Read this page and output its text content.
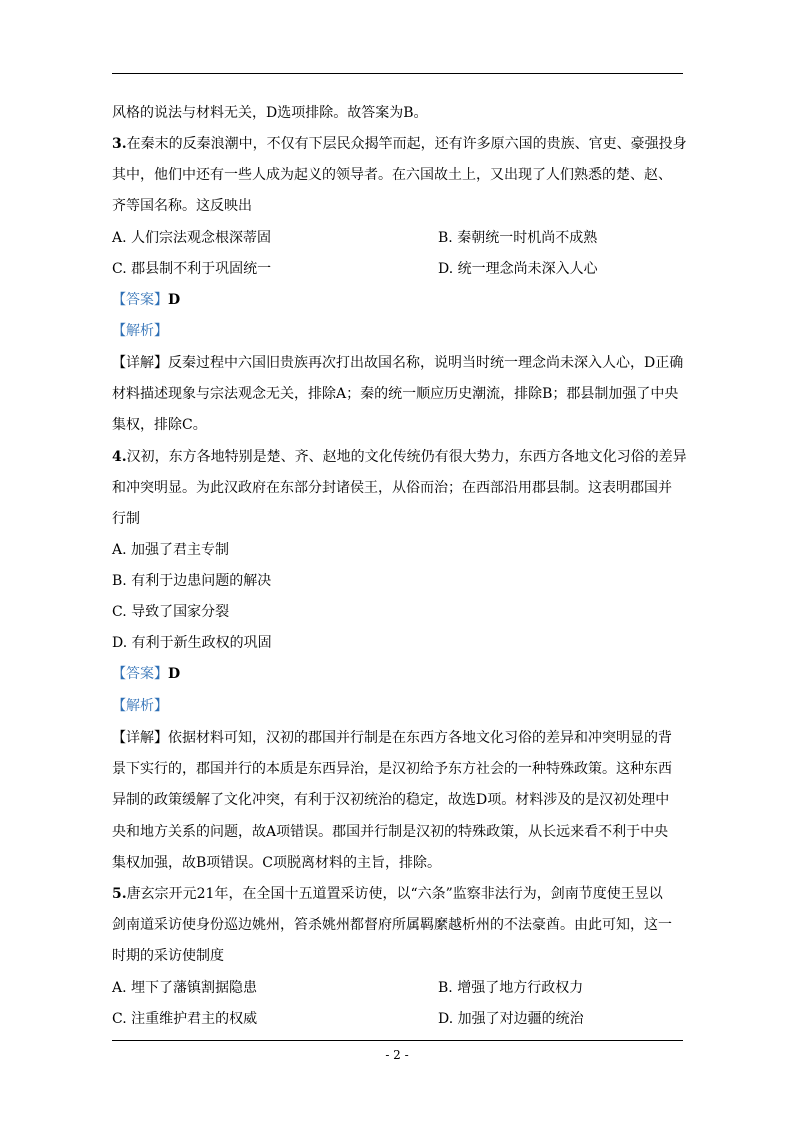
风格的说法与材料无关，D选项排除。故答案为B。
3.在秦末的反秦浪潮中，不仅有下层民众揭竿而起，还有许多原六国的贵族、官吏、豪强投身
其中，他们中还有一些人成为起义的领导者。在六国故土上，又出现了人们熟悉的楚、赵、
齐等国名称。这反映出
A. 人们宗法观念根深蒂固	B. 秦朝统一时机尚不成熟
C. 郡县制不利于巩固统一	D. 统一理念尚未深入人心
【答案】D
【解析】
【详解】反秦过程中六国旧贵族再次打出故国名称，说明当时统一理念尚未深入人心，D正确
材料描述现象与宗法观念无关，排除A；秦的统一顺应历史潮流，排除B；郡县制加强了中央
集权，排除C。
4.汉初，东方各地特别是楚、齐、赵地的文化传统仍有很大势力，东西方各地文化习俗的差异
和冲突明显。为此汉政府在东部分封诸侯王，从俗而治；在西部沿用郡县制。这表明郡国并
行制
A. 加强了君主专制
B. 有利于边患问题的解决
C. 导致了国家分裂
D. 有利于新生政权的巩固
【答案】D
【解析】
【详解】依据材料可知，汉初的郡国并行制是在东西方各地文化习俗的差异和冲突明显的背
景下实行的，郡国并行的本质是东西异治，是汉初给予东方社会的一种特殊政策。这种东西
异制的政策缓解了文化冲突，有利于汉初统治的稳定，故选D项。材料涉及的是汉初处理中
央和地方关系的问题，故A项错误。郡国并行制是汉初的特殊政策，从长远来看不利于中央
集权加强，故B项错误。C项脱离材料的主旨，排除。
5.唐玄宗开元21年，在全国十五道置采访使，以“六条”监察非法行为，剑南节度使王昱以
剑南道采访使身份巡边姚州，笞杀姚州都督府所属羁縻越析州的不法豪酋。由此可知，这一
时期的采访使制度
A. 埋下了藩镇割据隐患	B. 增强了地方行政权力
C. 注重维护君主的权威	D. 加强了对边疆的统治
- 2 -
